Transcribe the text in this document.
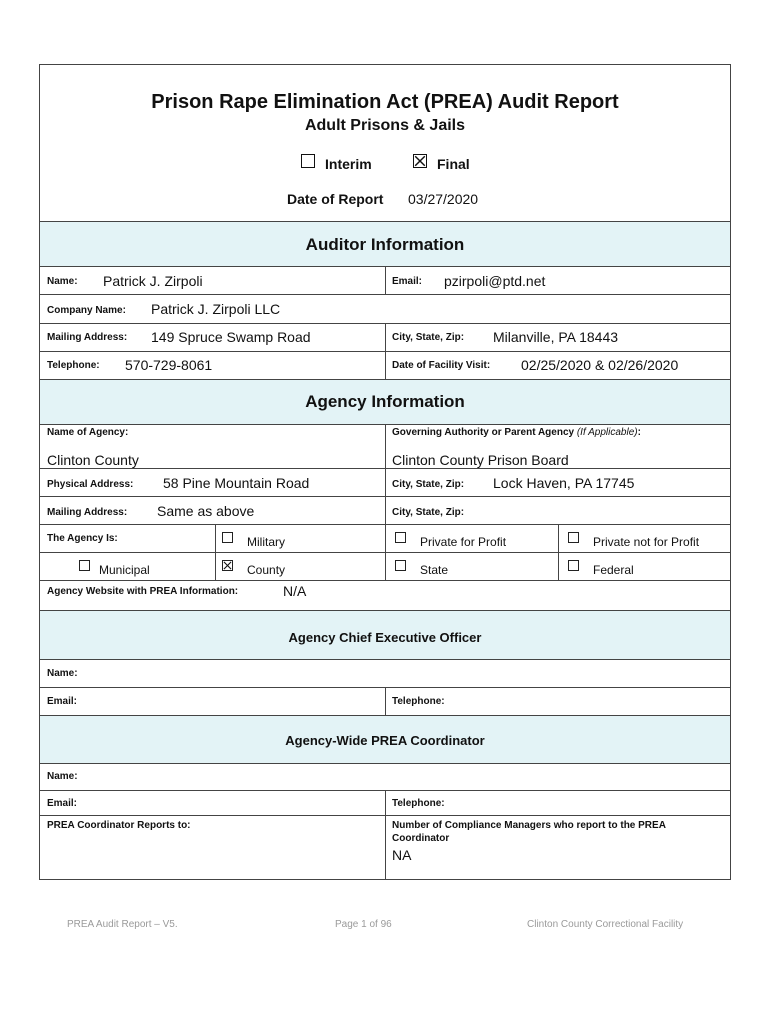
Prison Rape Elimination Act (PREA) Audit Report
Adult Prisons & Jails
Interim	Final
Date of Report 03/27/2020
Auditor Information
Name: Patrick J. Zirpoli	Email: pzirpoli@ptd.net
Company Name: Patrick J. Zirpoli LLC
Mailing Address: 149 Spruce Swamp Road	City, State, Zip: Milanville, PA 18443
Telephone: 570-729-8061	Date of Facility Visit: 02/25/2020 & 02/26/2020
Agency Information
Name of Agency:
Clinton County
Governing Authority or Parent Agency (If Applicable):
Clinton County Prison Board
Physical Address: 58 Pine Mountain Road	City, State, Zip: Lock Haven, PA 17745
Mailing Address: Same as above	City, State, Zip:
The Agency Is:	Military	Private for Profit	Private not for Profit
Municipal	County	State	Federal
Agency Website with PREA Information:	N/A
Agency Chief Executive Officer
Name:
Email:	Telephone:
Agency-Wide PREA Coordinator
Name:
Email:	Telephone:
PREA Coordinator Reports to:	Number of Compliance Managers who report to the PREA
Coordinator
NA
PREA Audit Report – V5.	Page 1 of 96	Clinton County Correctional Facility
